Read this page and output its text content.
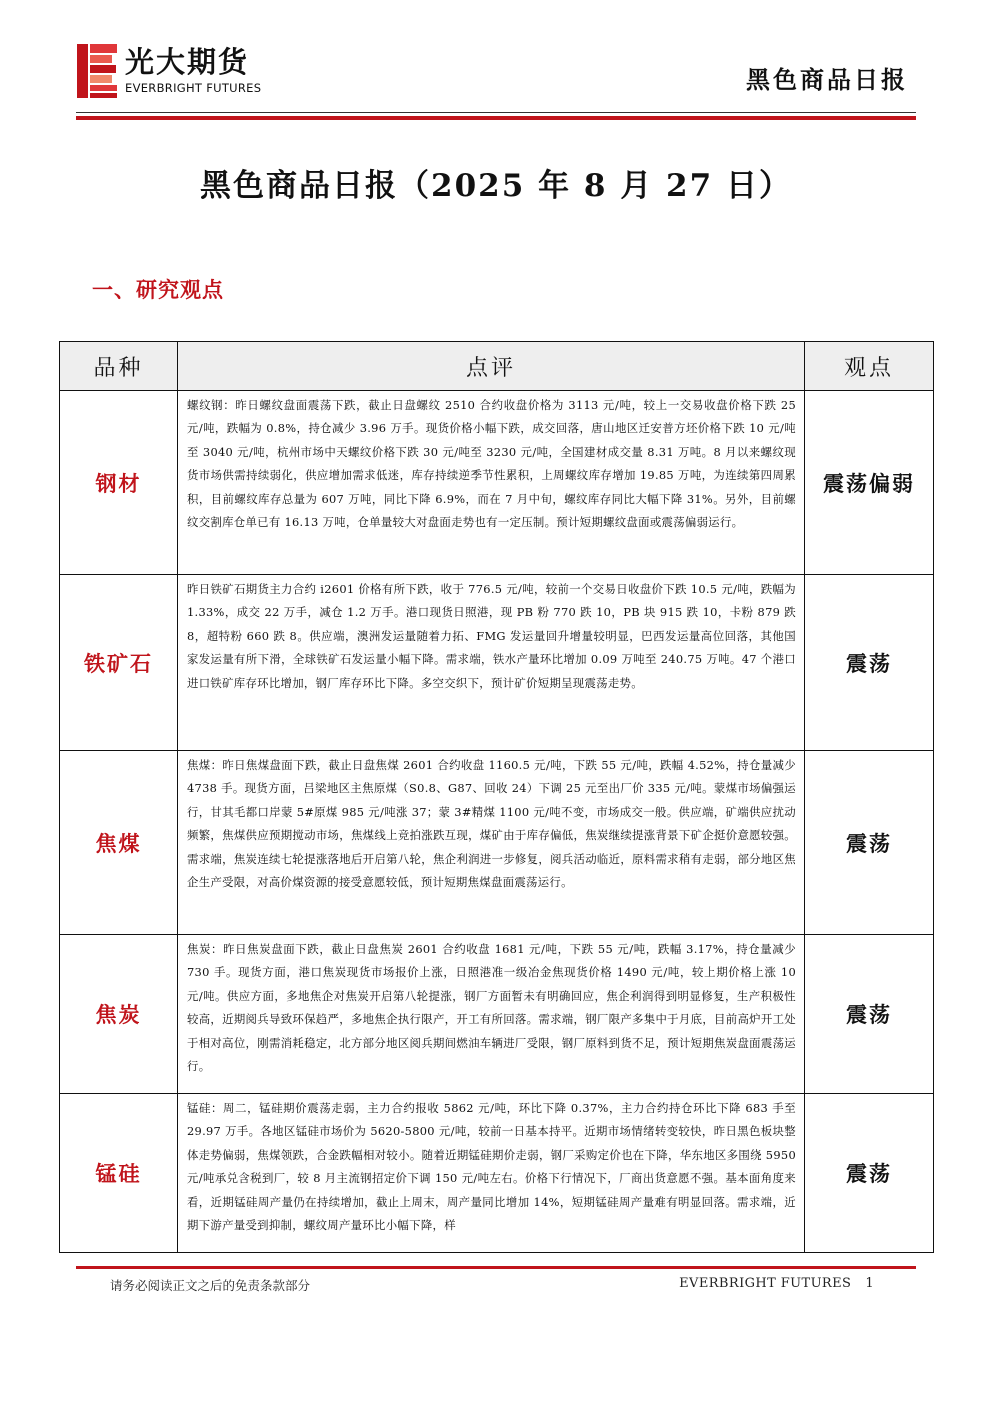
光大期货
EVERBRIGHT FUTURES	黑色商品日报
黑色商品日报（2025 年 8 月 27 日）
一、研究观点
品种	点评	观点
钢材	螺纹钢：昨日螺纹盘面震荡下跌，截止日盘螺纹 2510 合约收盘价格为 3113 元/吨，较上一交易收盘价格下跌 25 元/吨，跌幅为 0.8%，持仓减少 3.96 万手。现货价格小幅下跌，成交回落，唐山地区迁安普方坯价格下跌 10 元/吨至 3040 元/吨，杭州市场中天螺纹价格下跌 30 元/吨至 3230 元/吨，全国建材成交量 8.31 万吨。8 月以来螺纹现货市场供需持续弱化，供应增加需求低迷，库存持续逆季节性累积，上周螺纹库存增加 19.85 万吨，为连续第四周累积，目前螺纹库存总量为 607 万吨，同比下降 6.9%，而在 7 月中旬，螺纹库存同比大幅下降 31%。另外，目前螺纹交割库仓单已有 16.13 万吨，仓单量较大对盘面走势也有一定压制。预计短期螺纹盘面或震荡偏弱运行。	震荡偏弱
铁矿石	昨日铁矿石期货主力合约 i2601 价格有所下跌，收于 776.5 元/吨，较前一个交易日收盘价下跌 10.5 元/吨，跌幅为 1.33%，成交 22 万手，减仓 1.2 万手。港口现货日照港，现 PB 粉 770 跌 10，PB 块 915 跌 10，卡粉 879 跌 8，超特粉 660 跌 8。供应端，澳洲发运量随着力拓、FMG 发运量回升增量较明显，巴西发运量高位回落，其他国家发运量有所下滑，全球铁矿石发运量小幅下降。需求端，铁水产量环比增加 0.09 万吨至 240.75 万吨。47 个港口进口铁矿库存环比增加，钢厂库存环比下降。多空交织下，预计矿价短期呈现震荡走势。	震荡
焦煤	焦煤：昨日焦煤盘面下跌，截止日盘焦煤 2601 合约收盘 1160.5 元/吨，下跌 55 元/吨，跌幅 4.52%，持仓量减少 4738 手。现货方面，吕梁地区主焦原煤（S0.8、G87、回收 24）下调 25 元至出厂价 335 元/吨。蒙煤市场偏强运行，甘其毛都口岸蒙 5#原煤 985 元/吨涨 37；蒙 3#精煤 1100 元/吨不变，市场成交一般。供应端，矿端供应扰动频繁，焦煤供应预期搅动市场，焦煤线上竞拍涨跌互现，煤矿由于库存偏低，焦炭继续提涨背景下矿企挺价意愿较强。需求端，焦炭连续七轮提涨落地后开启第八轮，焦企利润进一步修复，阅兵活动临近，原料需求稍有走弱，部分地区焦企生产受限，对高价煤资源的接受意愿较低，预计短期焦煤盘面震荡运行。	震荡
焦炭	焦炭：昨日焦炭盘面下跌，截止日盘焦炭 2601 合约收盘 1681 元/吨，下跌 55 元/吨，跌幅 3.17%，持仓量减少 730 手。现货方面，港口焦炭现货市场报价上涨，日照港准一级冶金焦现货价格 1490 元/吨，较上期价格上涨 10 元/吨。供应方面，多地焦企对焦炭开启第八轮提涨，钢厂方面暂未有明确回应，焦企利润得到明显修复，生产积极性较高，近期阅兵导致环保趋严，多地焦企执行限产，开工有所回落。需求端，钢厂限产多集中于月底，目前高炉开工处于相对高位，刚需消耗稳定，北方部分地区阅兵期间燃油车辆进厂受限，钢厂原料到货不足，预计短期焦炭盘面震荡运行。	震荡
锰硅	锰硅：周二，锰硅期价震荡走弱，主力合约报收 5862 元/吨，环比下降 0.37%，主力合约持仓环比下降 683 手至 29.97 万手。各地区锰硅市场价为 5620-5800 元/吨，较前一日基本持平。近期市场情绪转变较快，昨日黑色板块整体走势偏弱，焦煤领跌，合金跌幅相对较小。随着近期锰硅期价走弱，钢厂采购定价也在下降，华东地区多围绕 5950 元/吨承兑含税到厂，较 8 月主流钢招定价下调 150 元/吨左右。价格下行情况下，厂商出货意愿不强。基本面角度来看，近期锰硅周产量仍在持续增加，截止上周末，周产量同比增加 14%，短期锰硅周产量难有明显回落。需求端，近期下游产量受到抑制，螺纹周产量环比小幅下降，样	震荡
请务必阅读正文之后的免责条款部分	EVERBRIGHT FUTURES 1
